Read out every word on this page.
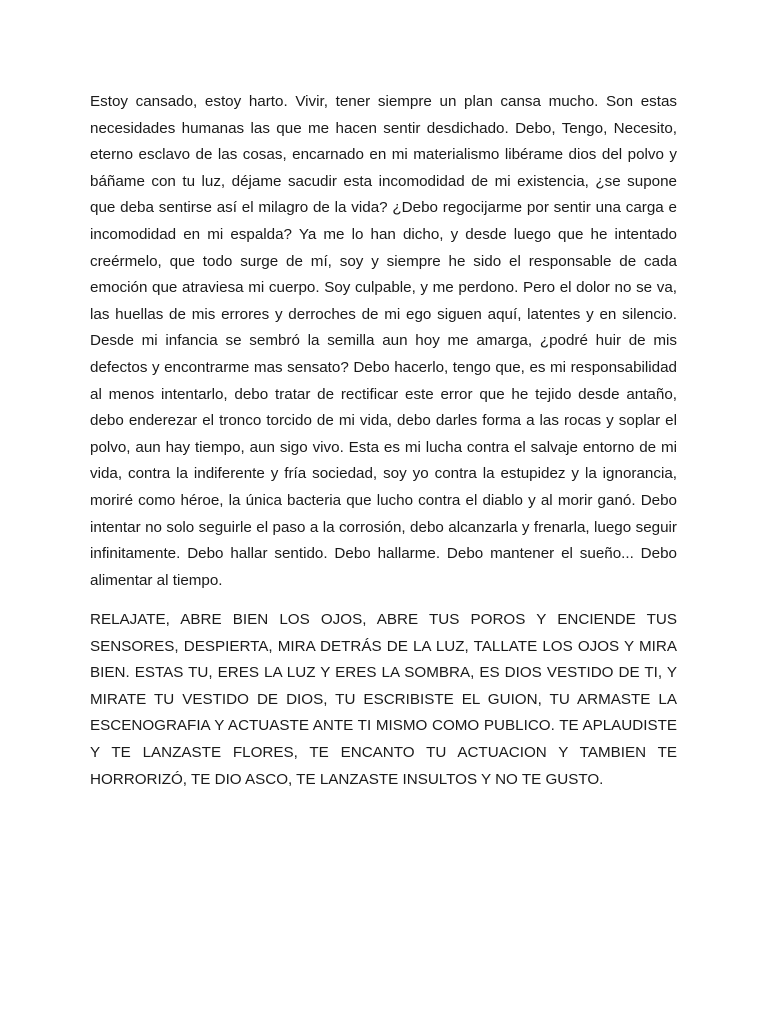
Estoy cansado, estoy harto. Vivir, tener siempre un plan cansa mucho. Son estas necesidades humanas las que me hacen sentir desdichado. Debo, Tengo, Necesito, eterno esclavo de las cosas, encarnado en mi materialismo libérame dios del polvo y báñame con tu luz, déjame sacudir esta incomodidad de mi existencia, ¿se supone que deba sentirse así el milagro de la vida? ¿Debo regocijarme por sentir una carga e incomodidad en mi espalda? Ya me lo han dicho, y desde luego que he intentado creérmelo, que todo surge de mí, soy y siempre he sido el responsable de cada emoción que atraviesa mi cuerpo. Soy culpable, y me perdono. Pero el dolor no se va, las huellas de mis errores y derroches de mi ego siguen aquí, latentes y en silencio. Desde mi infancia se sembró la semilla aun hoy me amarga, ¿podré huir de mis defectos y encontrarme mas sensato? Debo hacerlo, tengo que, es mi responsabilidad al menos intentarlo, debo tratar de rectificar este error que he tejido desde antaño, debo enderezar el tronco torcido de mi vida, debo darles forma a las rocas y soplar el polvo, aun hay tiempo, aun sigo vivo. Esta es mi lucha contra el salvaje entorno de mi vida, contra la indiferente y fría sociedad, soy yo contra la estupidez y la ignorancia, moriré como héroe, la única bacteria que lucho contra el diablo y al morir ganó. Debo intentar no solo seguirle el paso a la corrosión, debo alcanzarla y frenarla, luego seguir infinitamente. Debo hallar sentido. Debo hallarme. Debo mantener el sueño... Debo alimentar al tiempo.

RELAJATE, ABRE BIEN LOS OJOS, ABRE TUS POROS Y ENCIENDE TUS SENSORES, DESPIERTA, MIRA DETRÁS DE LA LUZ, TALLATE LOS OJOS Y MIRA BIEN. ESTAS TU, ERES LA LUZ Y ERES LA SOMBRA, ES DIOS VESTIDO DE TI, Y MIRATE TU VESTIDO DE DIOS, TU ESCRIBISTE EL GUION, TU ARMASTE LA ESCENOGRAFIA Y ACTUASTE ANTE TI MISMO COMO PUBLICO. TE APLAUDISTE Y TE LANZASTE FLORES, TE ENCANTO TU ACTUACION Y TAMBIEN TE HORRORIZÓ, TE DIO ASCO, TE LANZASTE INSULTOS Y NO TE GUSTO.
